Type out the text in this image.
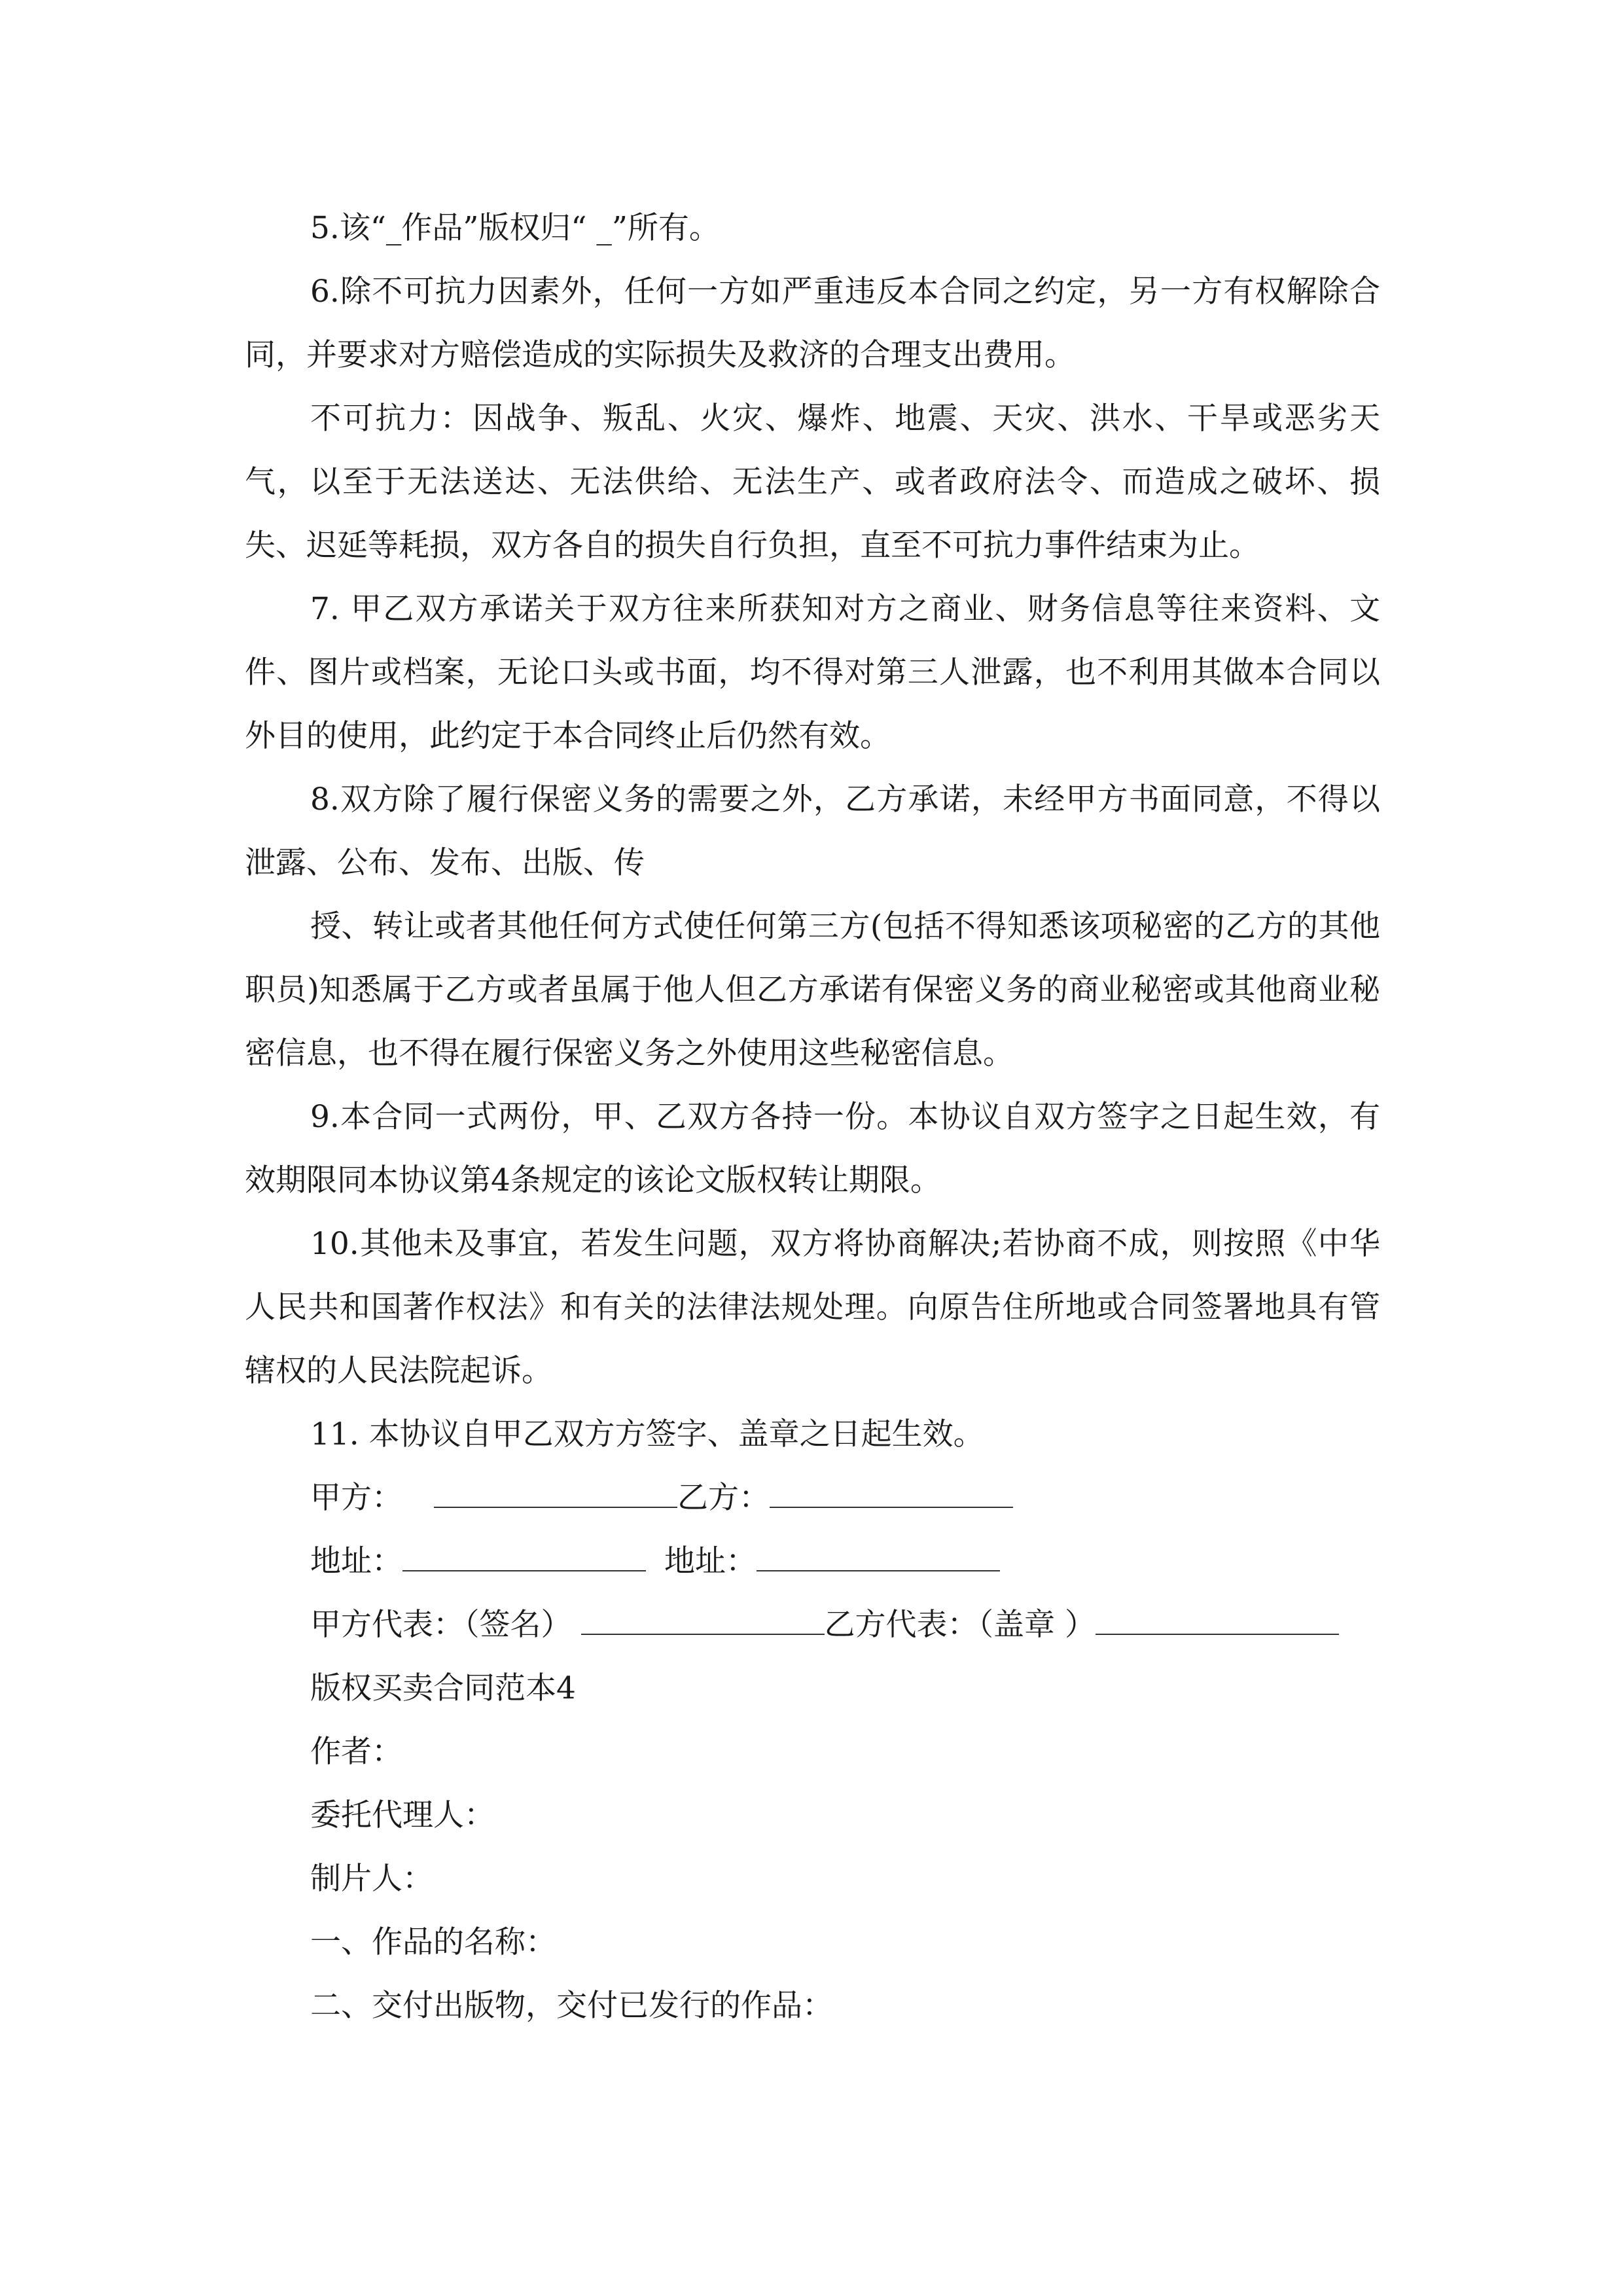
5.该“_作品”版权归“ _”所有。

6.除不可抗力因素外，任何一方如严重违反本合同之约定，另一方有权解除合同，并要求对方赔偿造成的实际损失及救济的合理支出费用。

不可抗力：因战争、叛乱、火灾、爆炸、地震、天灾、洪水、干旱或恶劣天气，以至于无法送达、无法供给、无法生产、或者政府法令、而造成之破坏、损失、迟延等耗损，双方各自的损失自行负担，直至不可抗力事件结束为止。

7. 甲乙双方承诺关于双方往来所获知对方之商业、财务信息等往来资料、文件、图片或档案，无论口头或书面，均不得对第三人泄露，也不利用其做本合同以外目的使用，此约定于本合同终止后仍然有效。

8.双方除了履行保密义务的需要之外，乙方承诺，未经甲方书面同意，不得以泄露、公布、发布、出版、传

授、转让或者其他任何方式使任何第三方(包括不得知悉该项秘密的乙方的其他职员)知悉属于乙方或者虽属于他人但乙方承诺有保密义务的商业秘密或其他商业秘密信息，也不得在履行保密义务之外使用这些秘密信息。

9.本合同一式两份，甲、乙双方各持一份。本协议自双方签字之日起生效，有效期限同本协议第4条规定的该论文版权转让期限。

10.其他未及事宜，若发生问题，双方将协商解决;若协商不成，则按照《中华人民共和国著作权法》和有关的法律法规处理。向原告住所地或合同签署地具有管辖权的人民法院起诉。

11. 本协议自甲乙双方方签字、盖章之日起生效。

甲方：	乙方：
地址：	地址：
甲方代表：（签名）	乙方代表：（盖章 ）
版权买卖合同范本4
作者：
委托代理人：
制片人：
一、作品的名称：
二、交付出版物，交付已发行的作品：
